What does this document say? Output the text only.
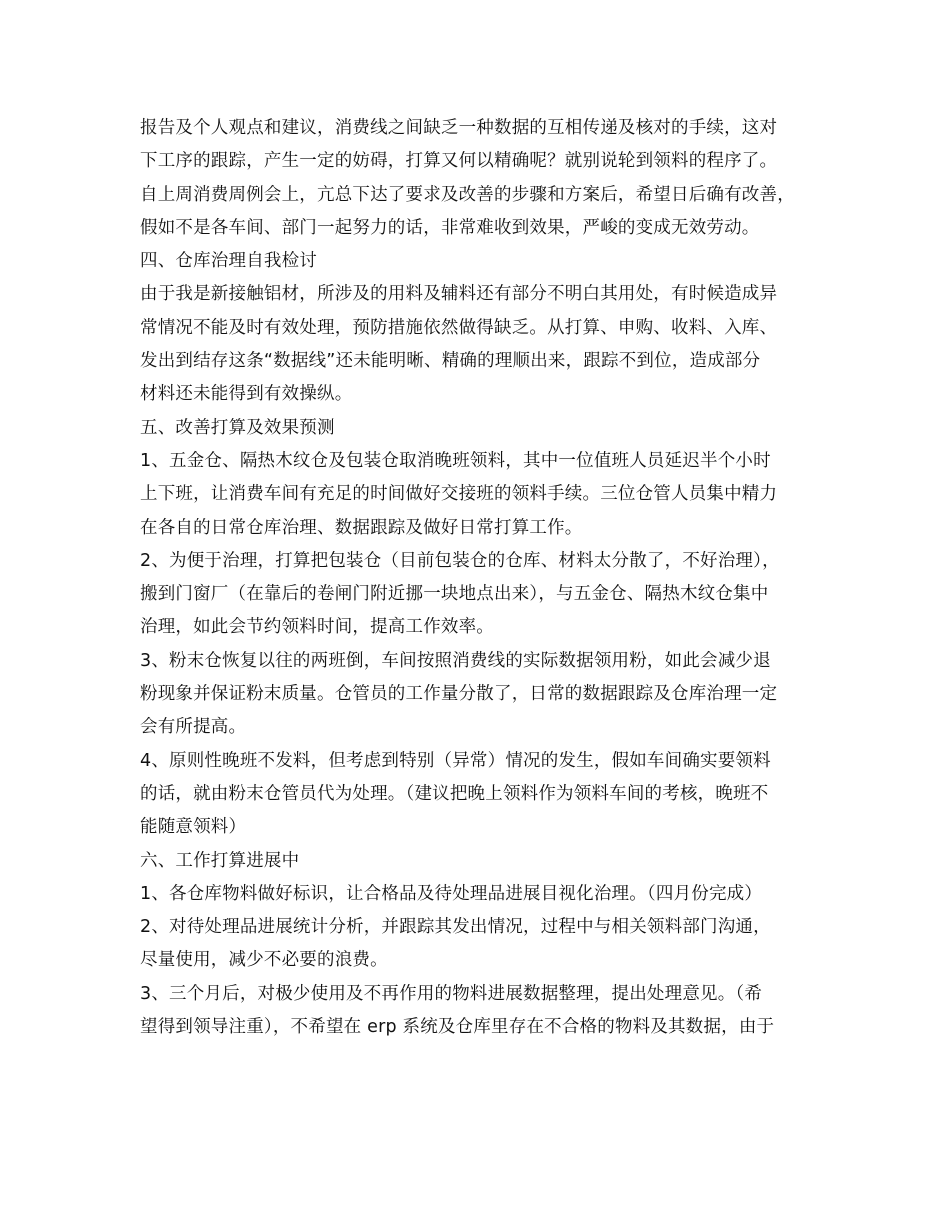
报告及个人观点和建议，消费线之间缺乏一种数据的互相传递及核对的手续，这对
下工序的跟踪，产生一定的妨碍，打算又何以精确呢？就别说轮到领料的程序了。
自上周消费周例会上，亢总下达了要求及改善的步骤和方案后，希望日后确有改善，
假如不是各车间、部门一起努力的话，非常难收到效果，严峻的变成无效劳动。
四、仓库治理自我检讨
由于我是新接触铝材，所涉及的用料及辅料还有部分不明白其用处，有时候造成异
常情况不能及时有效处理，预防措施依然做得缺乏。从打算、申购、收料、入库、
发出到结存这条“数据线”还未能明晰、精确的理顺出来，跟踪不到位，造成部分
材料还未能得到有效操纵。
五、改善打算及效果预测
1、五金仓、隔热木纹仓及包装仓取消晚班领料，其中一位值班人员延迟半个小时
上下班，让消费车间有充足的时间做好交接班的领料手续。三位仓管人员集中精力
在各自的日常仓库治理、数据跟踪及做好日常打算工作。
2、为便于治理，打算把包装仓（目前包装仓的仓库、材料太分散了，不好治理），
搬到门窗厂（在靠后的卷闸门附近挪一块地点出来），与五金仓、隔热木纹仓集中
治理，如此会节约领料时间，提高工作效率。
3、粉末仓恢复以往的两班倒，车间按照消费线的实际数据领用粉，如此会减少退
粉现象并保证粉末质量。仓管员的工作量分散了，日常的数据跟踪及仓库治理一定
会有所提高。
4、原则性晚班不发料，但考虑到特别（异常）情况的发生，假如车间确实要领料
的话，就由粉末仓管员代为处理。（建议把晚上领料作为领料车间的考核，晚班不
能随意领料）
六、工作打算进展中
1、各仓库物料做好标识，让合格品及待处理品进展目视化治理。（四月份完成）
2、对待处理品进展统计分析，并跟踪其发出情况，过程中与相关领料部门沟通，
尽量使用，减少不必要的浪费。
3、三个月后，对极少使用及不再作用的物料进展数据整理，提出处理意见。（希
望得到领导注重），不希望在 erp 系统及仓库里存在不合格的物料及其数据，由于
